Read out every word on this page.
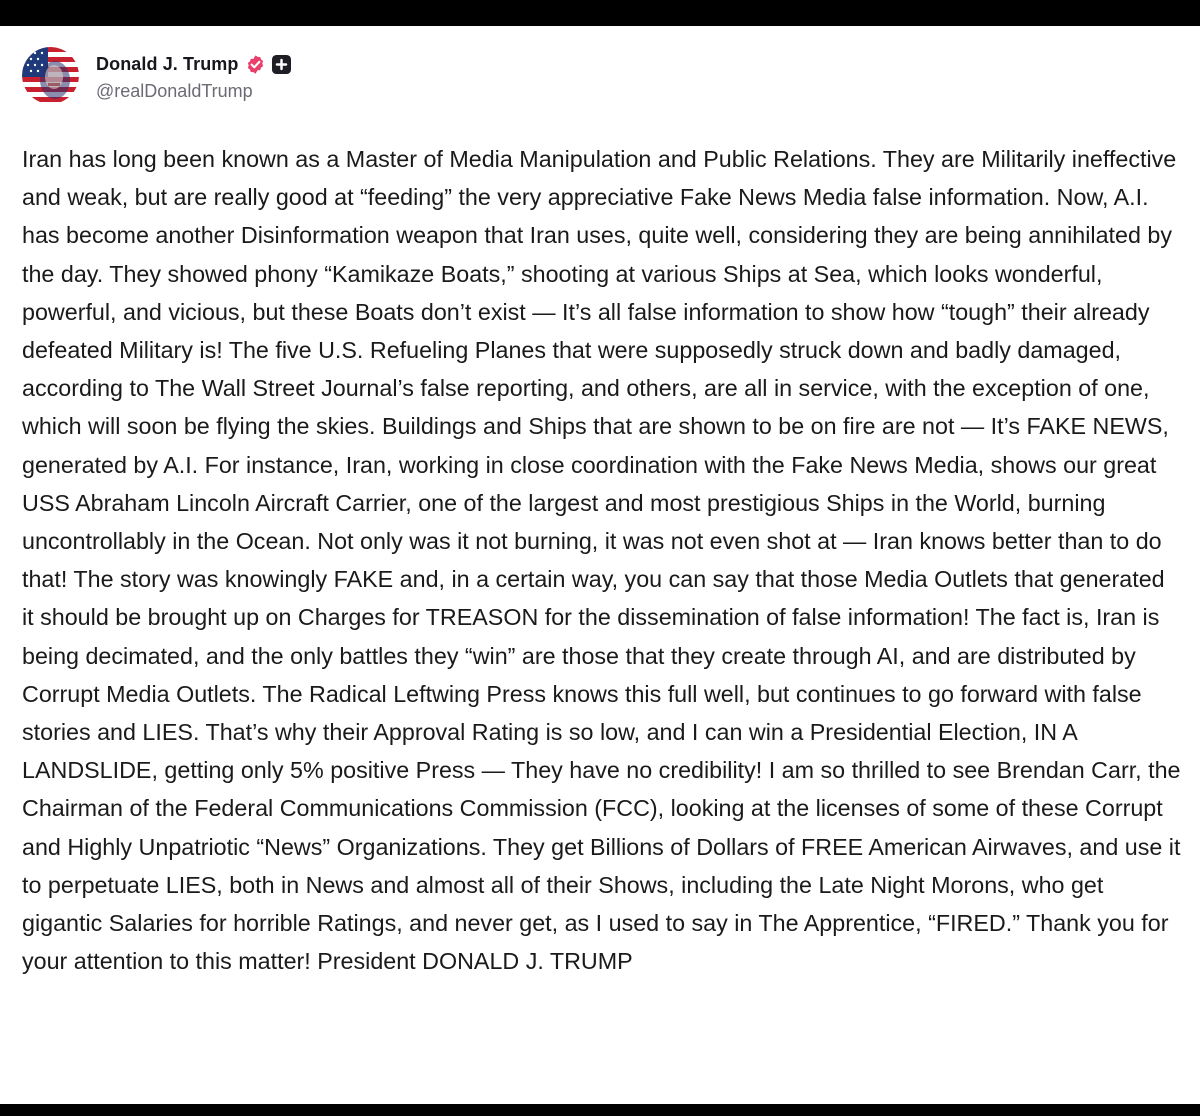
Donald J. Trump
@realDonaldTrump

Iran has long been known as a Master of Media Manipulation and Public Relations. They are Militarily ineffective and weak, but are really good at “feeding” the very appreciative Fake News Media false information. Now, A.I. has become another Disinformation weapon that Iran uses, quite well, considering they are being annihilated by the day. They showed phony “Kamikaze Boats,” shooting at various Ships at Sea, which looks wonderful, powerful, and vicious, but these Boats don’t exist — It’s all false information to show how “tough” their already defeated Military is! The five U.S. Refueling Planes that were supposedly struck down and badly damaged, according to The Wall Street Journal’s false reporting, and others, are all in service, with the exception of one, which will soon be flying the skies. Buildings and Ships that are shown to be on fire are not — It’s FAKE NEWS, generated by A.I. For instance, Iran, working in close coordination with the Fake News Media, shows our great USS Abraham Lincoln Aircraft Carrier, one of the largest and most prestigious Ships in the World, burning uncontrollably in the Ocean. Not only was it not burning, it was not even shot at — Iran knows better than to do that! The story was knowingly FAKE and, in a certain way, you can say that those Media Outlets that generated it should be brought up on Charges for TREASON for the dissemination of false information! The fact is, Iran is being decimated, and the only battles they “win” are those that they create through AI, and are distributed by Corrupt Media Outlets. The Radical Leftwing Press knows this full well, but continues to go forward with false stories and LIES. That’s why their Approval Rating is so low, and I can win a Presidential Election, IN A LANDSLIDE, getting only 5% positive Press — They have no credibility! I am so thrilled to see Brendan Carr, the Chairman of the Federal Communications Commission (FCC), looking at the licenses of some of these Corrupt and Highly Unpatriotic “News” Organizations. They get Billions of Dollars of FREE American Airwaves, and use it to perpetuate LIES, both in News and almost all of their Shows, including the Late Night Morons, who get gigantic Salaries for horrible Ratings, and never get, as I used to say in The Apprentice, “FIRED.” Thank you for your attention to this matter! President DONALD J. TRUMP
